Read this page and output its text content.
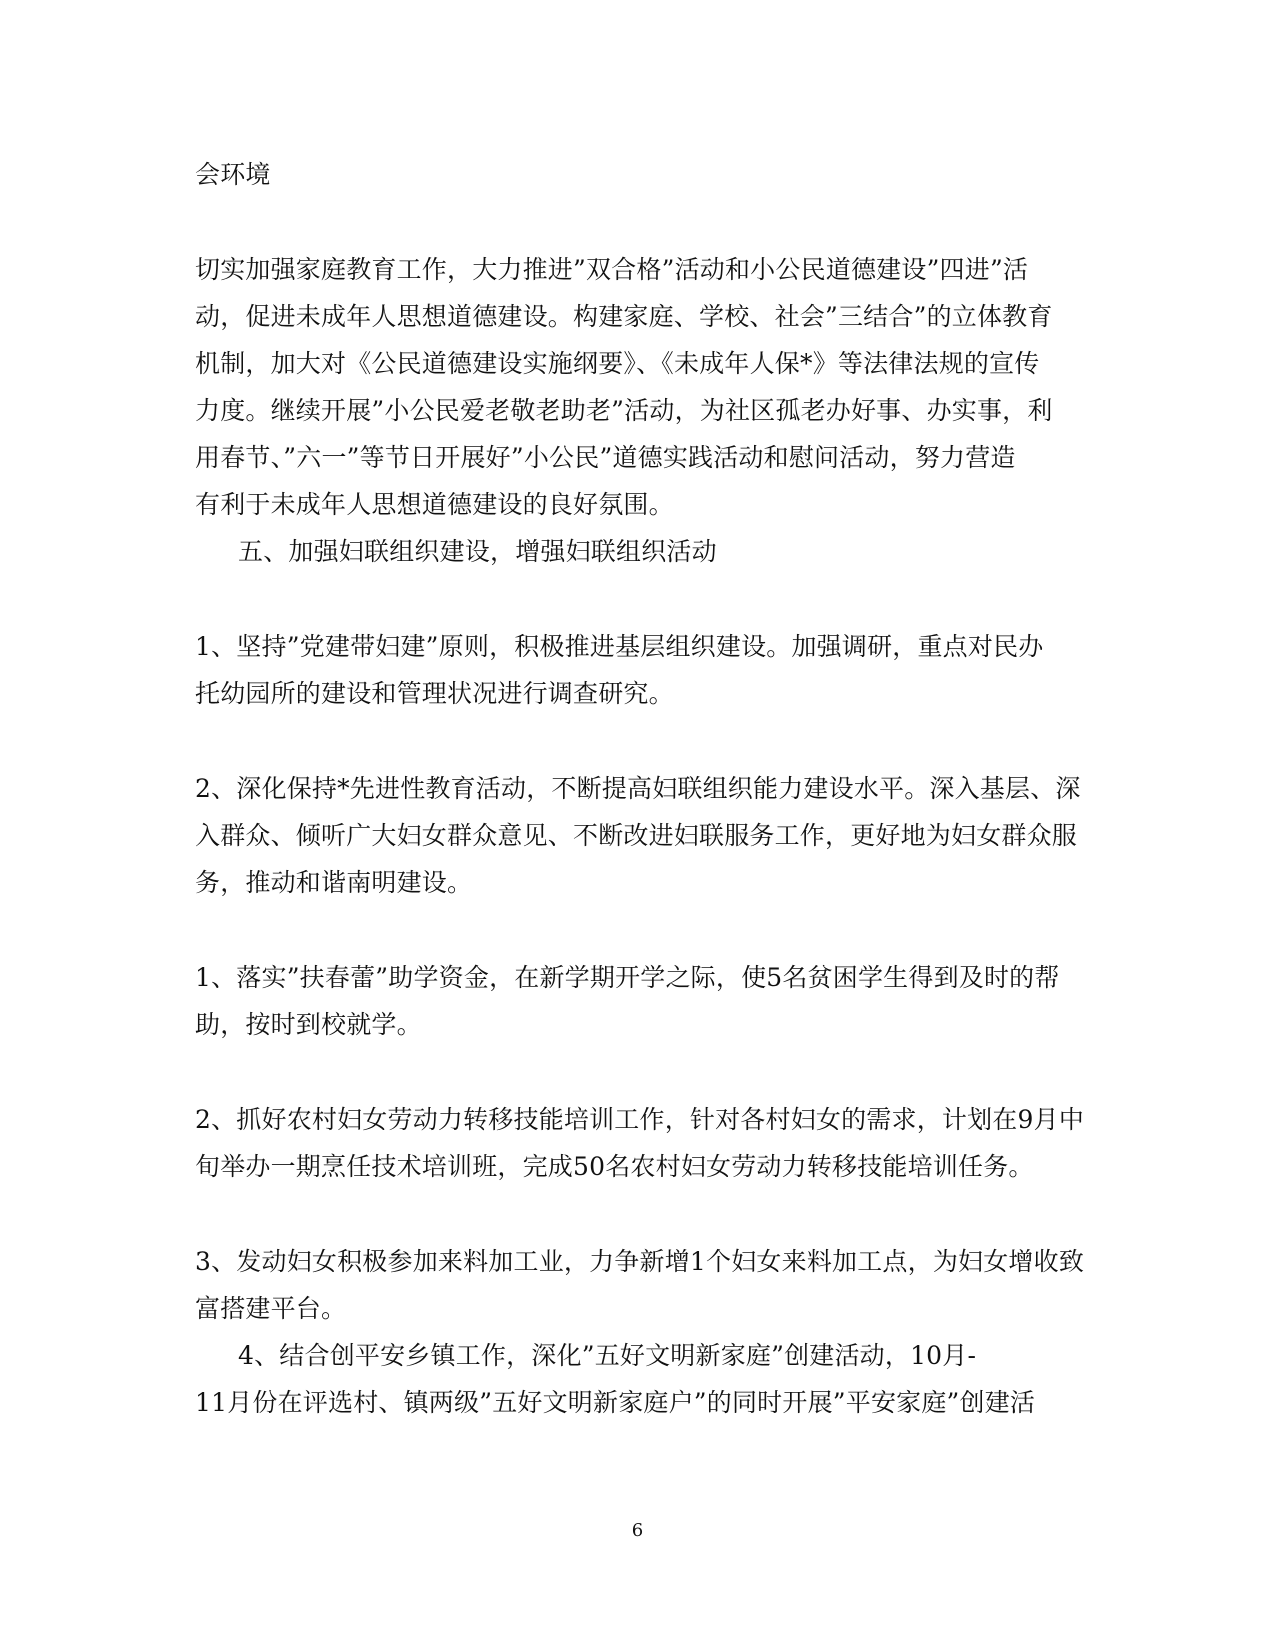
会环境
切实加强家庭教育工作，大力推进”双合格”活动和小公民道德建设”四进”活
动，促进未成年人思想道德建设。构建家庭、学校、社会”三结合”的立体教育
机制，加大对《公民道德建设实施纲要》、《未成年人保*》等法律法规的宣传
力度。继续开展”小公民爱老敬老助老”活动，为社区孤老办好事、办实事，利
用春节、”六一”等节日开展好”小公民”道德实践活动和慰问活动，努力营造
有利于未成年人思想道德建设的良好氛围。
五、加强妇联组织建设，增强妇联组织活动
1、坚持”党建带妇建”原则，积极推进基层组织建设。加强调研，重点对民办
托幼园所的建设和管理状况进行调查研究。
2、深化保持*先进性教育活动，不断提高妇联组织能力建设水平。深入基层、深
入群众、倾听广大妇女群众意见、不断改进妇联服务工作，更好地为妇女群众服
务，推动和谐南明建设。
1、落实”扶春蕾”助学资金，在新学期开学之际，使5名贫困学生得到及时的帮
助，按时到校就学。
2、抓好农村妇女劳动力转移技能培训工作，针对各村妇女的需求，计划在9月中
旬举办一期烹任技术培训班，完成50名农村妇女劳动力转移技能培训任务。
3、发动妇女积极参加来料加工业，力争新增1个妇女来料加工点，为妇女增收致
富搭建平台。
4、结合创平安乡镇工作，深化”五好文明新家庭”创建活动，10月-
11月份在评选村、镇两级”五好文明新家庭户”的同时开展”平安家庭”创建活
6
